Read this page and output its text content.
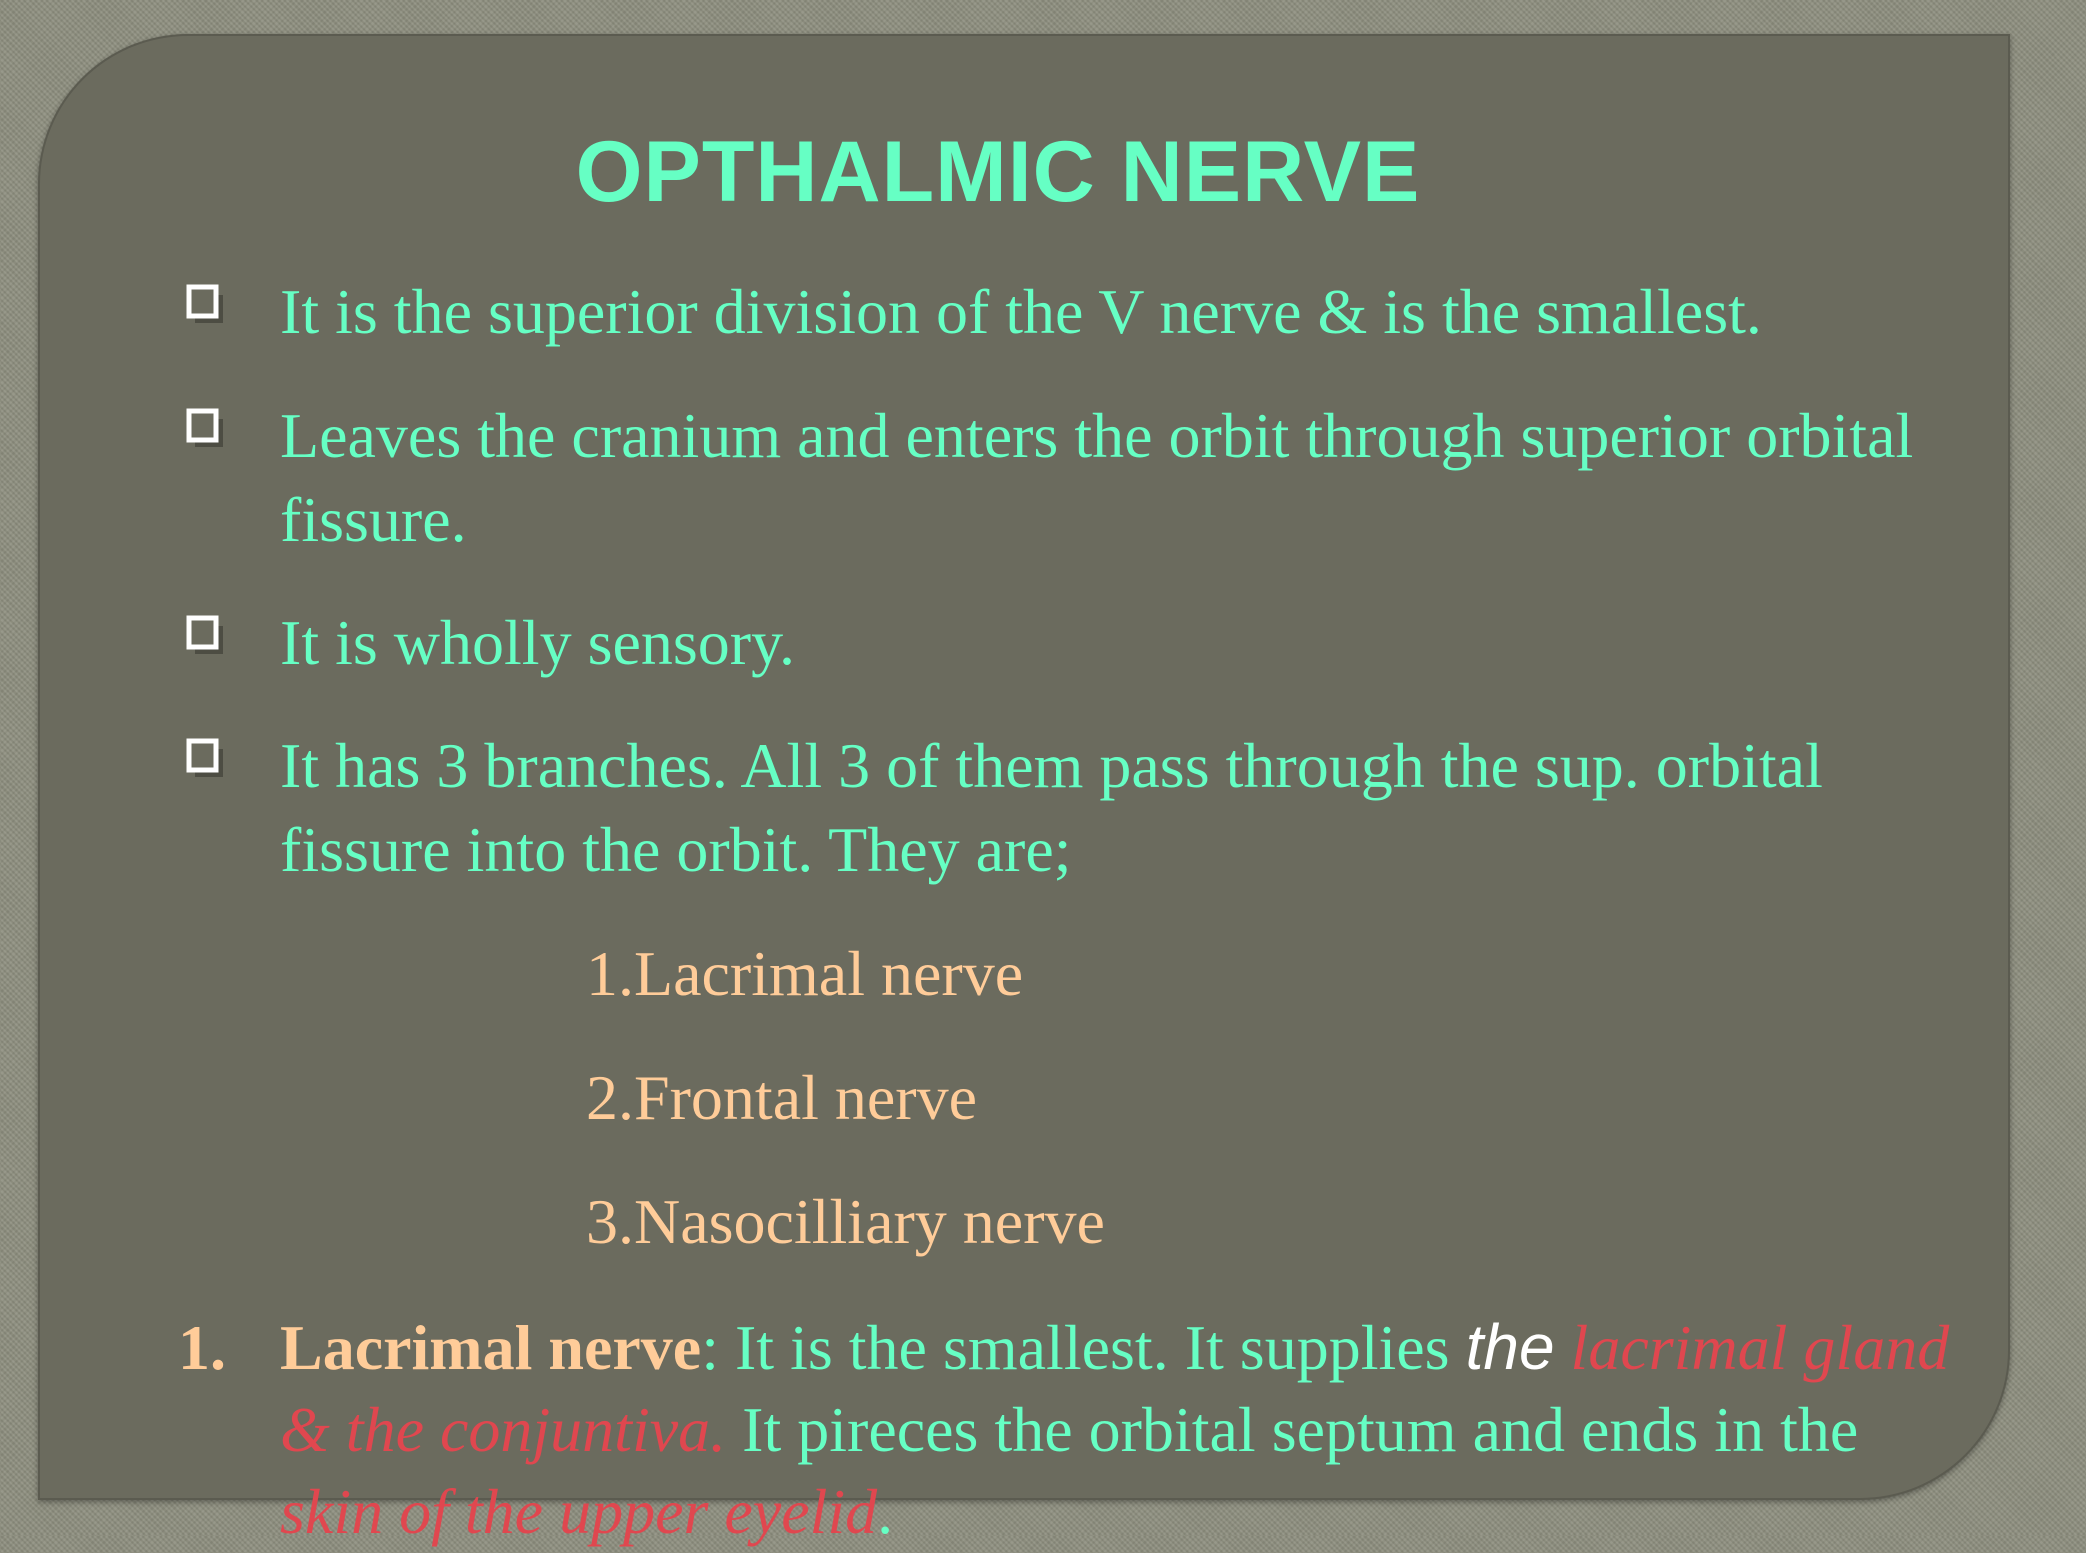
OPTHALMIC NERVE
It is the superior division of the V nerve & is the smallest.
Leaves the cranium and enters the orbit through superior orbital fissure.
It is wholly sensory.
It has 3 branches. All 3 of them pass through the sup. orbital fissure into the orbit. They are;
1.Lacrimal nerve
2.Frontal nerve
3.Nasocilliary nerve
1. Lacrimal nerve: It is the smallest. It supplies the lacrimal gland & the conjuntiva. It pireces the orbital septum and ends in the skin of the upper eyelid.
